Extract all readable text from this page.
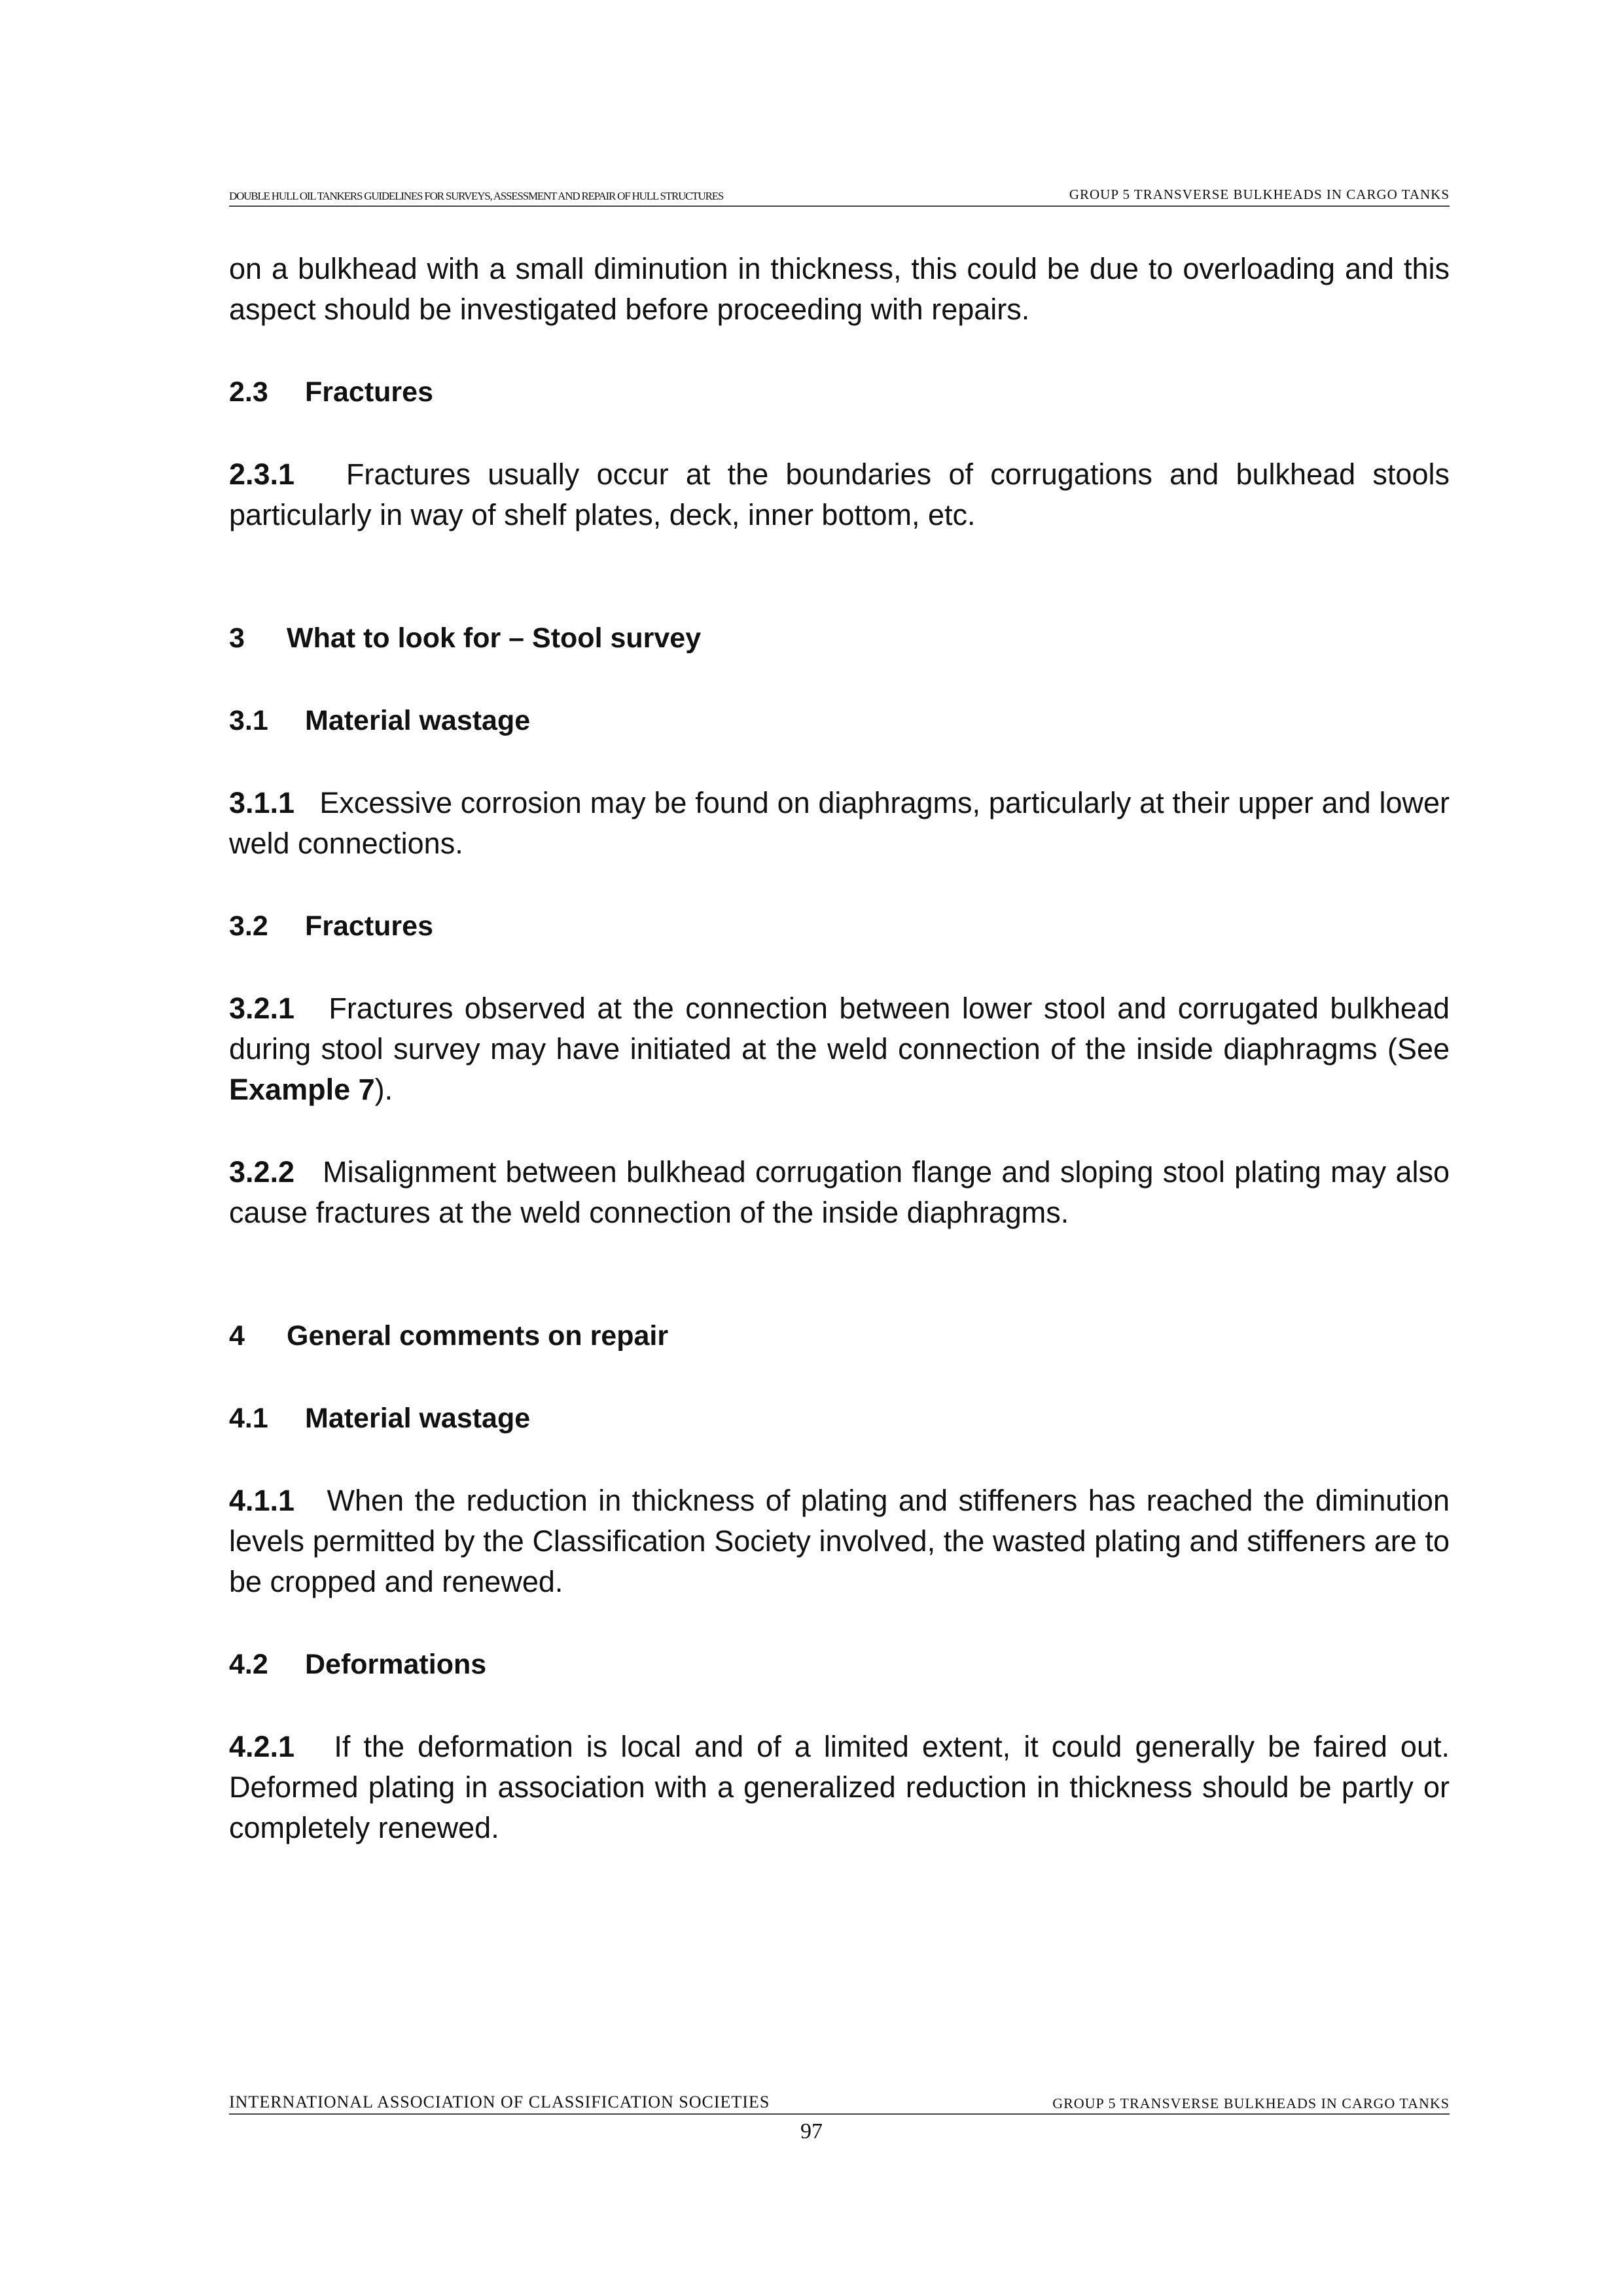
DOUBLE HULL OIL TANKERS GUIDELINES FOR SURVEYS, ASSESSMENT AND REPAIR OF HULL STRUCTURES	GROUP 5 TRANSVERSE BULKHEADS IN CARGO TANKS

on a bulkhead with a small diminution in thickness, this could be due to overloading and this aspect should be investigated before proceeding with repairs.

2.3 Fractures

2.3.1 Fractures usually occur at the boundaries of corrugations and bulkhead stools particularly in way of shelf plates, deck, inner bottom, etc.

3 What to look for – Stool survey
3.1 Material wastage

3.1.1 Excessive corrosion may be found on diaphragms, particularly at their upper and lower weld connections.

3.2 Fractures

3.2.1 Fractures observed at the connection between lower stool and corrugated bulkhead during stool survey may have initiated at the weld connection of the inside diaphragms (See Example 7).

3.2.2 Misalignment between bulkhead corrugation flange and sloping stool plating may also cause fractures at the weld connection of the inside diaphragms.

4 General comments on repair
4.1 Material wastage

4.1.1 When the reduction in thickness of plating and stiffeners has reached the diminution levels permitted by the Classification Society involved, the wasted plating and stiffeners are to be cropped and renewed.

4.2 Deformations

4.2.1 If the deformation is local and of a limited extent, it could generally be faired out. Deformed plating in association with a generalized reduction in thickness should be partly or completely renewed.

INTERNATIONAL ASSOCIATION OF CLASSIFICATION SOCIETIES	GROUP 5 TRANSVERSE BULKHEADS IN CARGO TANKS
97
